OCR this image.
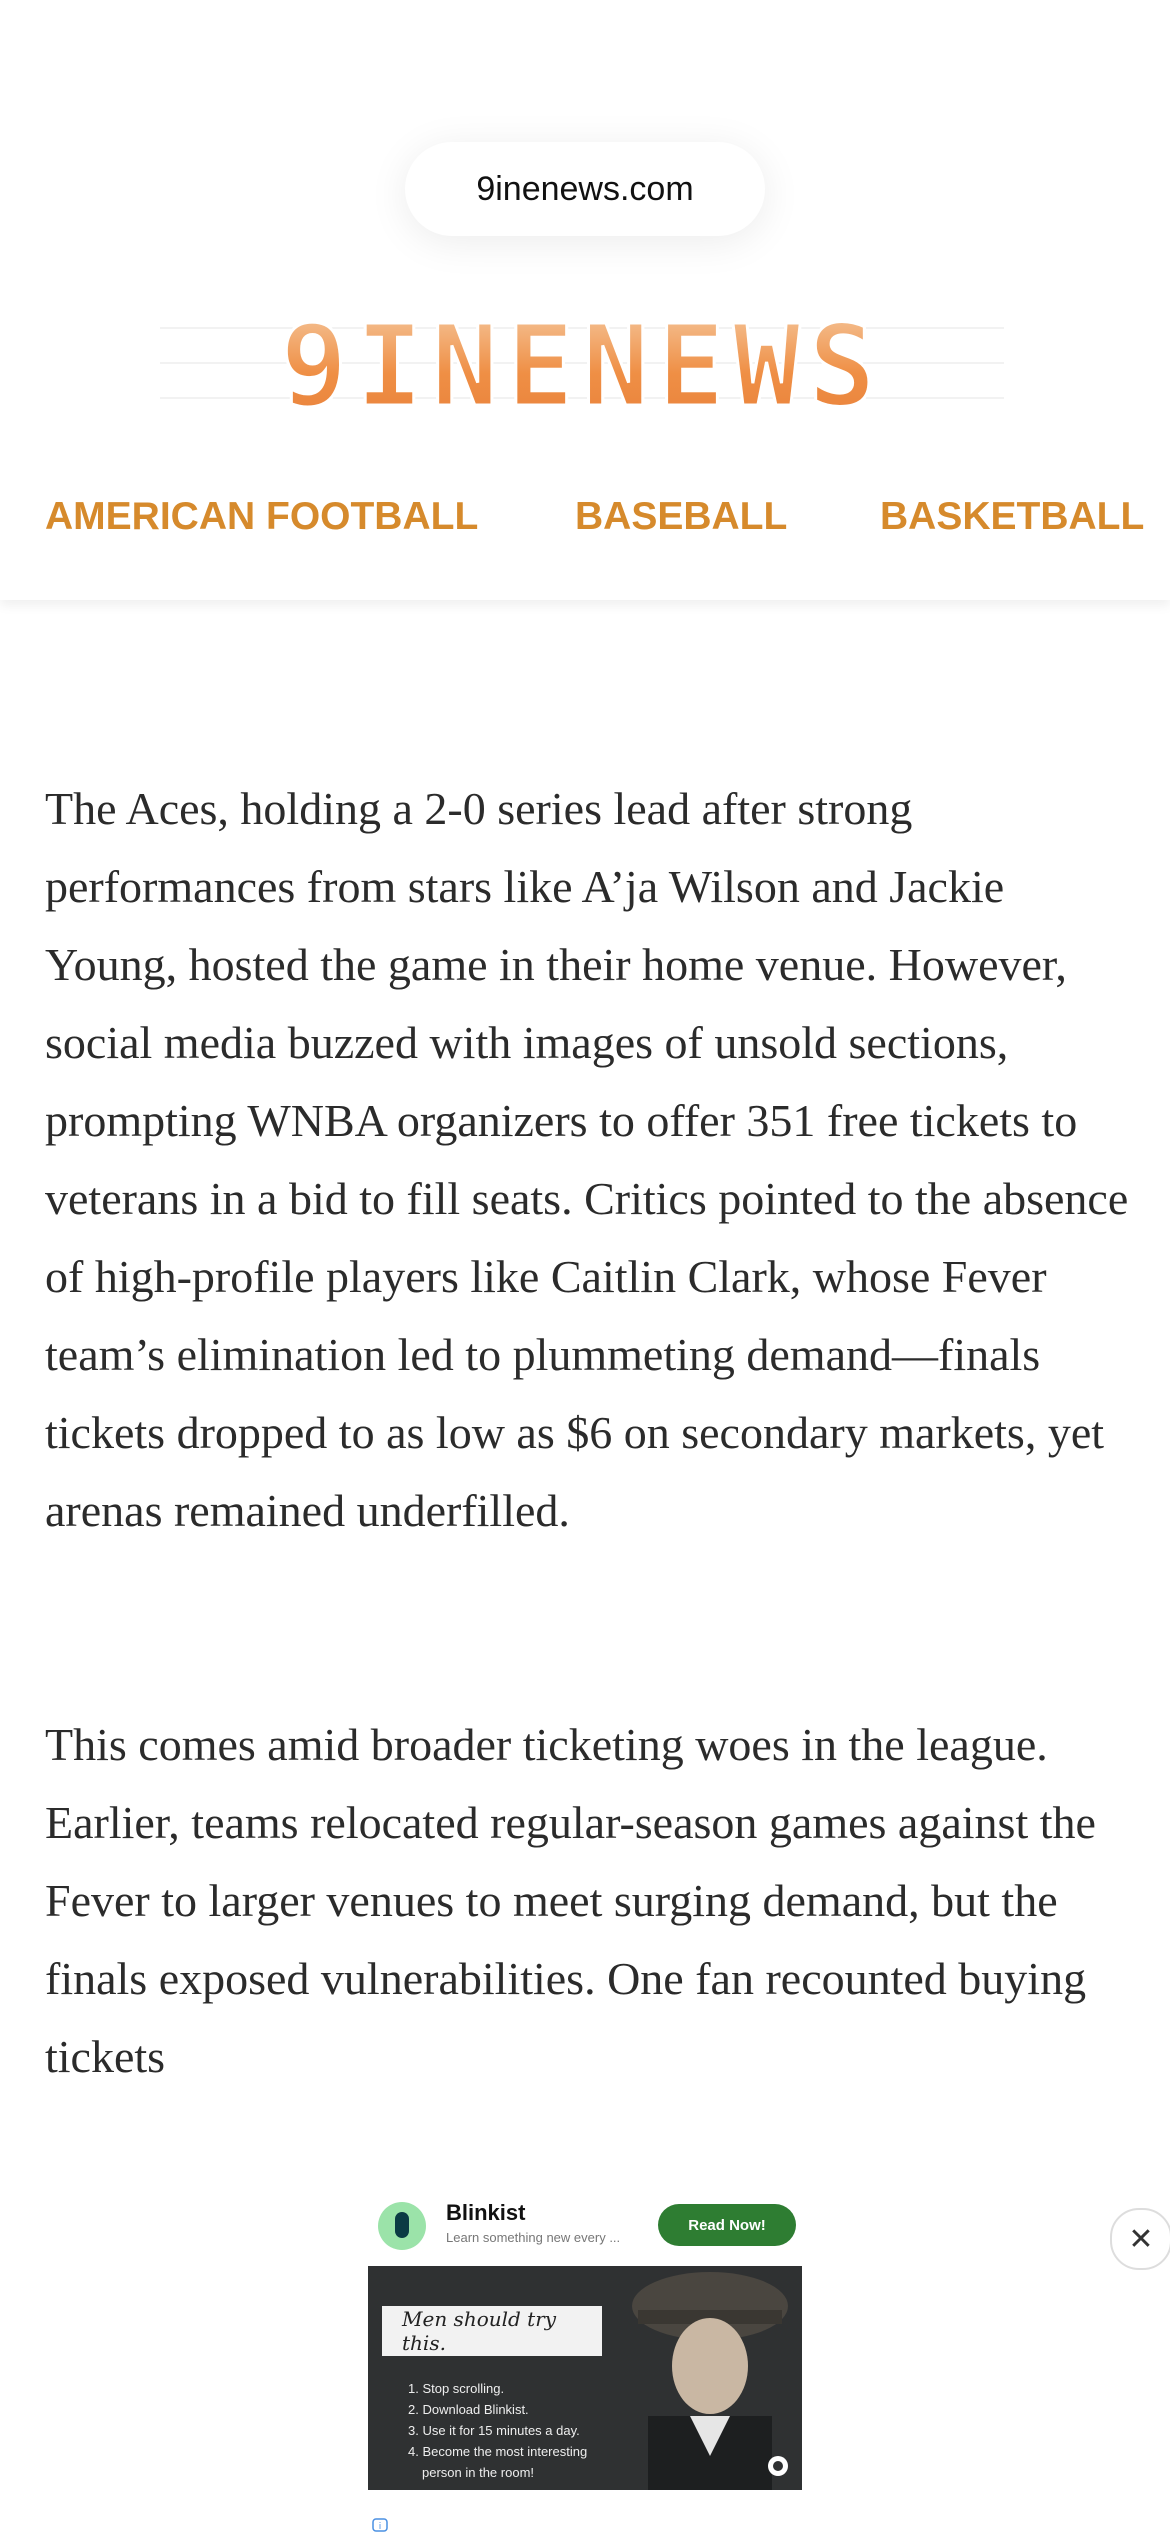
9inenews.com
9INENEWS
AMERICAN FOOTBALL BASEBALL BASKETBALL

The Aces, holding a 2-0 series lead after strong performances from stars like A’ja Wilson and Jackie Young, hosted the game in their home venue. However, social media buzzed with images of unsold sections, prompting WNBA organizers to offer 351 free tickets to veterans in a bid to fill seats. Critics pointed to the absence of high-profile players like Caitlin Clark, whose Fever team’s elimination led to plummeting demand—finals tickets dropped to as low as $6 on secondary markets, yet arenas remained underfilled.

This comes amid broader ticketing woes in the league. Earlier, teams relocated regular-season games against the Fever to larger venues to meet surging demand, but the finals exposed vulnerabilities. One fan recounted buying tickets

Blinkist
Learn something new every ...
Read Now!
Men should try this.
1. Stop scrolling.
2. Download Blinkist.
3. Use it for 15 minutes a day.
4. Become the most interesting
person in the room!
✕
i
